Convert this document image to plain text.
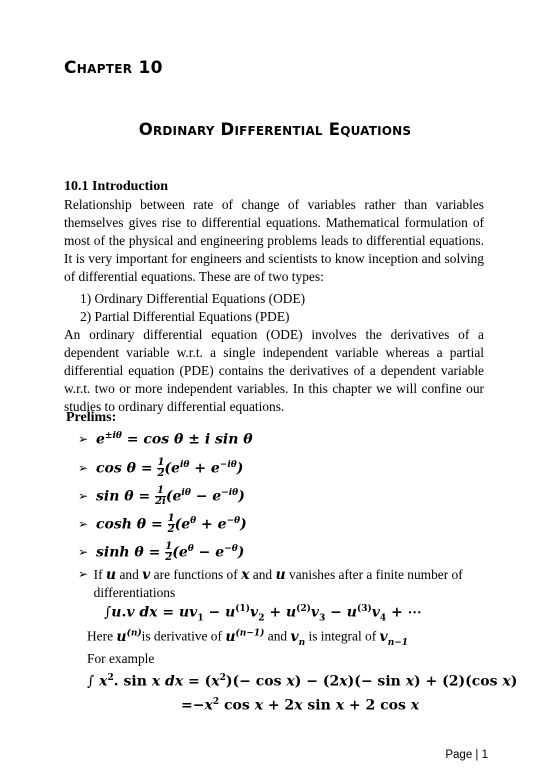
Chapter 10
Ordinary Differential Equations
10.1 Introduction
Relationship between rate of change of variables rather than variables themselves gives rise to differential equations. Mathematical formulation of most of the physical and engineering problems leads to differential equations. It is very important for engineers and scientists to know inception and solving of differential equations. These are of two types:
1) Ordinary Differential Equations (ODE)
2) Partial Differential Equations (PDE)
An ordinary differential equation (ODE) involves the derivatives of a dependent variable w.r.t. a single independent variable whereas a partial differential equation (PDE) contains the derivatives of a dependent variable w.r.t. two or more independent variables. In this chapter we will confine our studies to ordinary differential equations.
Prelims:
➢ $e^{\pm i\theta} = \cos \theta \pm i$ sin θ
➢ $\cos \theta = \frac{1}{2} (e^{i\theta} + e^{-i\theta})$
➢ $\sin \theta = \frac{1}{2i} (e^{i\theta} - e^{-i\theta})$
➢ $\cosh \theta = \frac{1}{2} (e^\theta + e^{-\theta})$
➢ $\sinh \theta = \frac{1}{2} (e^\theta - e^{-\theta})$
➢ If u and v are functions of x and u vanishes after a finite number of differentiations
∫u.v dx = $uv_1 - u^{(1)}v_2 + u^{(2)}v_3 - u^{(3)}v_4$ + ⋯
Here $u^{(n)}is$ derivative of $u^{(n-1)}$ and $v_n$ is integral of $v_{n-1}$
For example
∫ $x^2$. sin x dx = $(x^2)(- \cos x) - (2x)(- \sin x) + (2)(\cos$ x)
$=-x^2$ cos x + 2x sin x + 2 cos x
Page | 1
